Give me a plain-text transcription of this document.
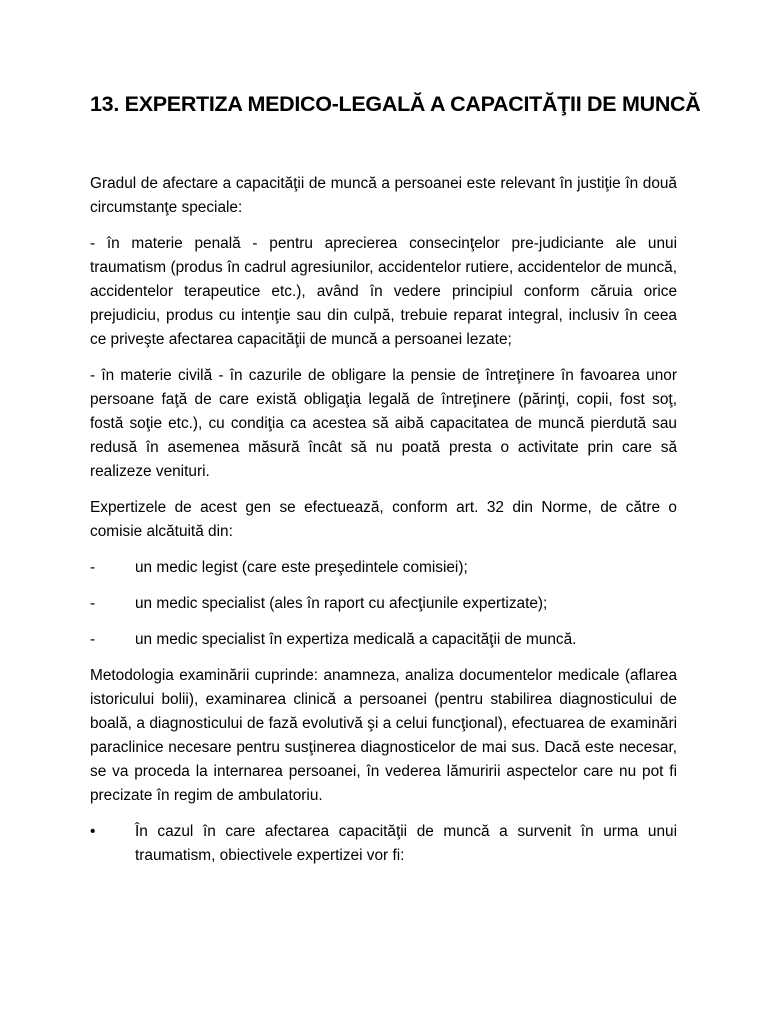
13. EXPERTIZA MEDICO-LEGALĂ A CAPACITĂŢII DE MUNCĂ

Gradul de afectare a capacităţii de muncă a persoanei este relevant în justiţie în două circumstanţe speciale:

- în materie penală - pentru aprecierea consecinţelor pre-judiciante ale unui traumatism (produs în cadrul agresiunilor, accidentelor rutiere, accidentelor de muncă, accidentelor terapeutice etc.), având în vedere principiul conform căruia orice prejudiciu, produs cu intenţie sau din culpă, trebuie reparat integral, inclusiv în ceea ce priveşte afectarea capacităţii de muncă a persoanei lezate;

- în materie civilă - în cazurile de obligare la pensie de întreţinere în favoarea unor persoane faţă de care există obligaţia legală de întreţinere (părinţi, copii, fost soţ, fostă soţie etc.), cu condiţia ca acestea să aibă capacitatea de muncă pierdută sau redusă în asemenea măsură încât să nu poată presta o activitate prin care să realizeze venituri.

Expertizele de acest gen se efectuează, conform art. 32 din Norme, de către o comisie alcătuită din:

-	un medic legist (care este preşedintele comisiei);
-	un medic specialist (ales în raport cu afecţiunile expertizate);
-	un medic specialist în expertiza medicală a capacităţii de muncă.

Metodologia examinării cuprinde: anamneza, analiza documentelor medicale (aflarea istoricului bolii), examinarea clinică a persoanei (pentru stabilirea diagnosticului de boală, a diagnosticului de fază evolutivă şi a celui funcţional), efectuarea de examinări paraclinice necesare pentru susţinerea diagnosticelor de mai sus. Dacă este necesar, se va proceda la internarea persoanei, în vederea lămuririi aspectelor care nu pot fi precizate în regim de ambulatoriu.

•	În cazul în care afectarea capacităţii de muncă a survenit în urma unui traumatism, obiectivele expertizei vor fi:
